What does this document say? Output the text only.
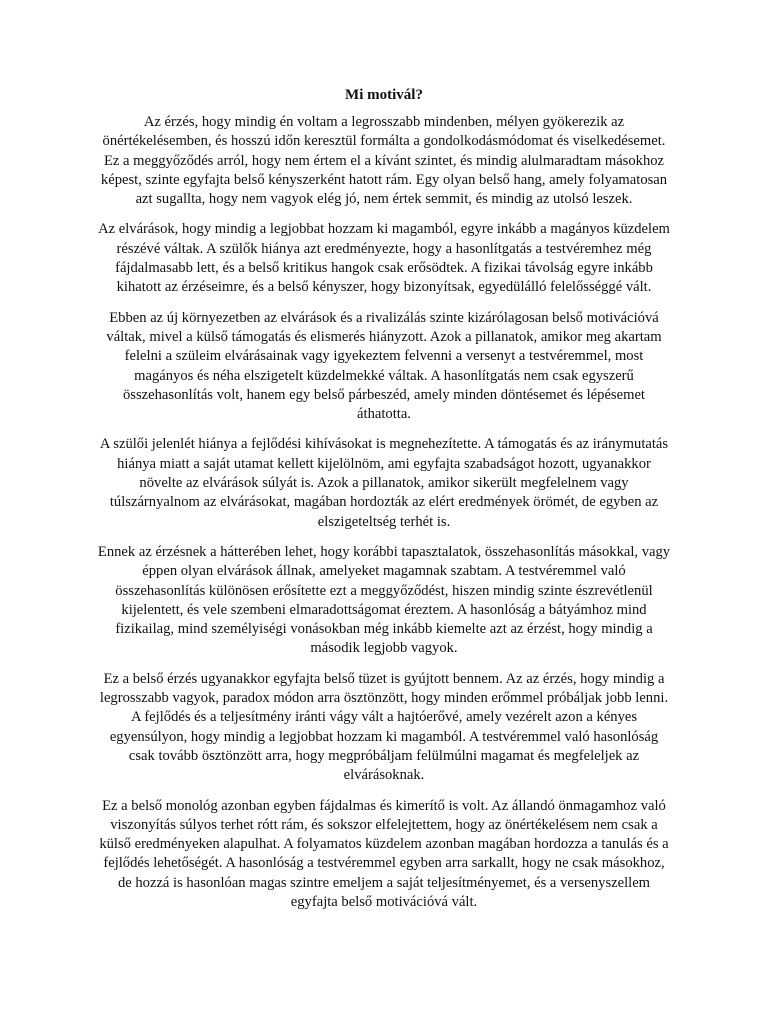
Mi motivál?

Az érzés, hogy mindig én voltam a legrosszabb mindenben, mélyen gyökerezik az önértékelésemben, és hosszú időn keresztül formálta a gondolkodásmódomat és viselkedésemet. Ez a meggyőződés arról, hogy nem értem el a kívánt szintet, és mindig alulmaradtam másokhoz képest, szinte egyfajta belső kényszerként hatott rám. Egy olyan belső hang, amely folyamatosan azt sugallta, hogy nem vagyok elég jó, nem értek semmit, és mindig az utolsó leszek.

Az elvárások, hogy mindig a legjobbat hozzam ki magamból, egyre inkább a magányos küzdelem részévé váltak. A szülők hiánya azt eredményezte, hogy a hasonlítgatás a testvéremhez még fájdalmasabb lett, és a belső kritikus hangok csak erősödtek. A fizikai távolság egyre inkább kihatott az érzéseimre, és a belső kényszer, hogy bizonyítsak, egyedülálló felelősséggé vált.

Ebben az új környezetben az elvárások és a rivalizálás szinte kizárólagosan belső motivációvá váltak, mivel a külső támogatás és elismerés hiányzott. Azok a pillanatok, amikor meg akartam felelni a szüleim elvárásainak vagy igyekeztem felvenni a versenyt a testvéremmel, most magányos és néha elszigetelt küzdelmekké váltak. A hasonlítgatás nem csak egyszerű összehasonlítás volt, hanem egy belső párbeszéd, amely minden döntésemet és lépésemet áthatotta.

A szülői jelenlét hiánya a fejlődési kihívásokat is megnehezítette. A támogatás és az iránymutatás hiánya miatt a saját utamat kellett kijelölnöm, ami egyfajta szabadságot hozott, ugyanakkor növelte az elvárások súlyát is. Azok a pillanatok, amikor sikerült megfelelnem vagy túlszárnyalnom az elvárásokat, magában hordozták az elért eredmények örömét, de egyben az elszigeteltség terhét is.

Ennek az érzésnek a hátterében lehet, hogy korábbi tapasztalatok, összehasonlítás másokkal, vagy éppen olyan elvárások állnak, amelyeket magamnak szabtam. A testvéremmel való összehasonlítás különösen erősítette ezt a meggyőződést, hiszen mindig szinte észrevétlenül kijelentett, és vele szembeni elmaradottságomat éreztem. A hasonlóság a bátyámhoz mind fizikailag, mind személyiségi vonásokban még inkább kiemelte azt az érzést, hogy mindig a második legjobb vagyok.

Ez a belső érzés ugyanakkor egyfajta belső tüzet is gyújtott bennem. Az az érzés, hogy mindig a legrosszabb vagyok, paradox módon arra ösztönzött, hogy minden erőmmel próbáljak jobb lenni. A fejlődés és a teljesítmény iránti vágy vált a hajtóerővé, amely vezérelt azon a kényes egyensúlyon, hogy mindig a legjobbat hozzam ki magamból. A testvéremmel való hasonlóság csak tovább ösztönzött arra, hogy megpróbáljam felülmúlni magamat és megfeleljek az elvárásoknak.

Ez a belső monológ azonban egyben fájdalmas és kimerítő is volt. Az állandó önmagamhoz való viszonyítás súlyos terhet rótt rám, és sokszor elfelejtettem, hogy az önértékelésem nem csak a külső eredményeken alapulhat. A folyamatos küzdelem azonban magában hordozza a tanulás és a fejlődés lehetőségét. A hasonlóság a testvéremmel egyben arra sarkallt, hogy ne csak másokhoz, de hozzá is hasonlóan magas szintre emeljem a saját teljesítményemet, és a versenyszellem egyfajta belső motivációvá vált.
